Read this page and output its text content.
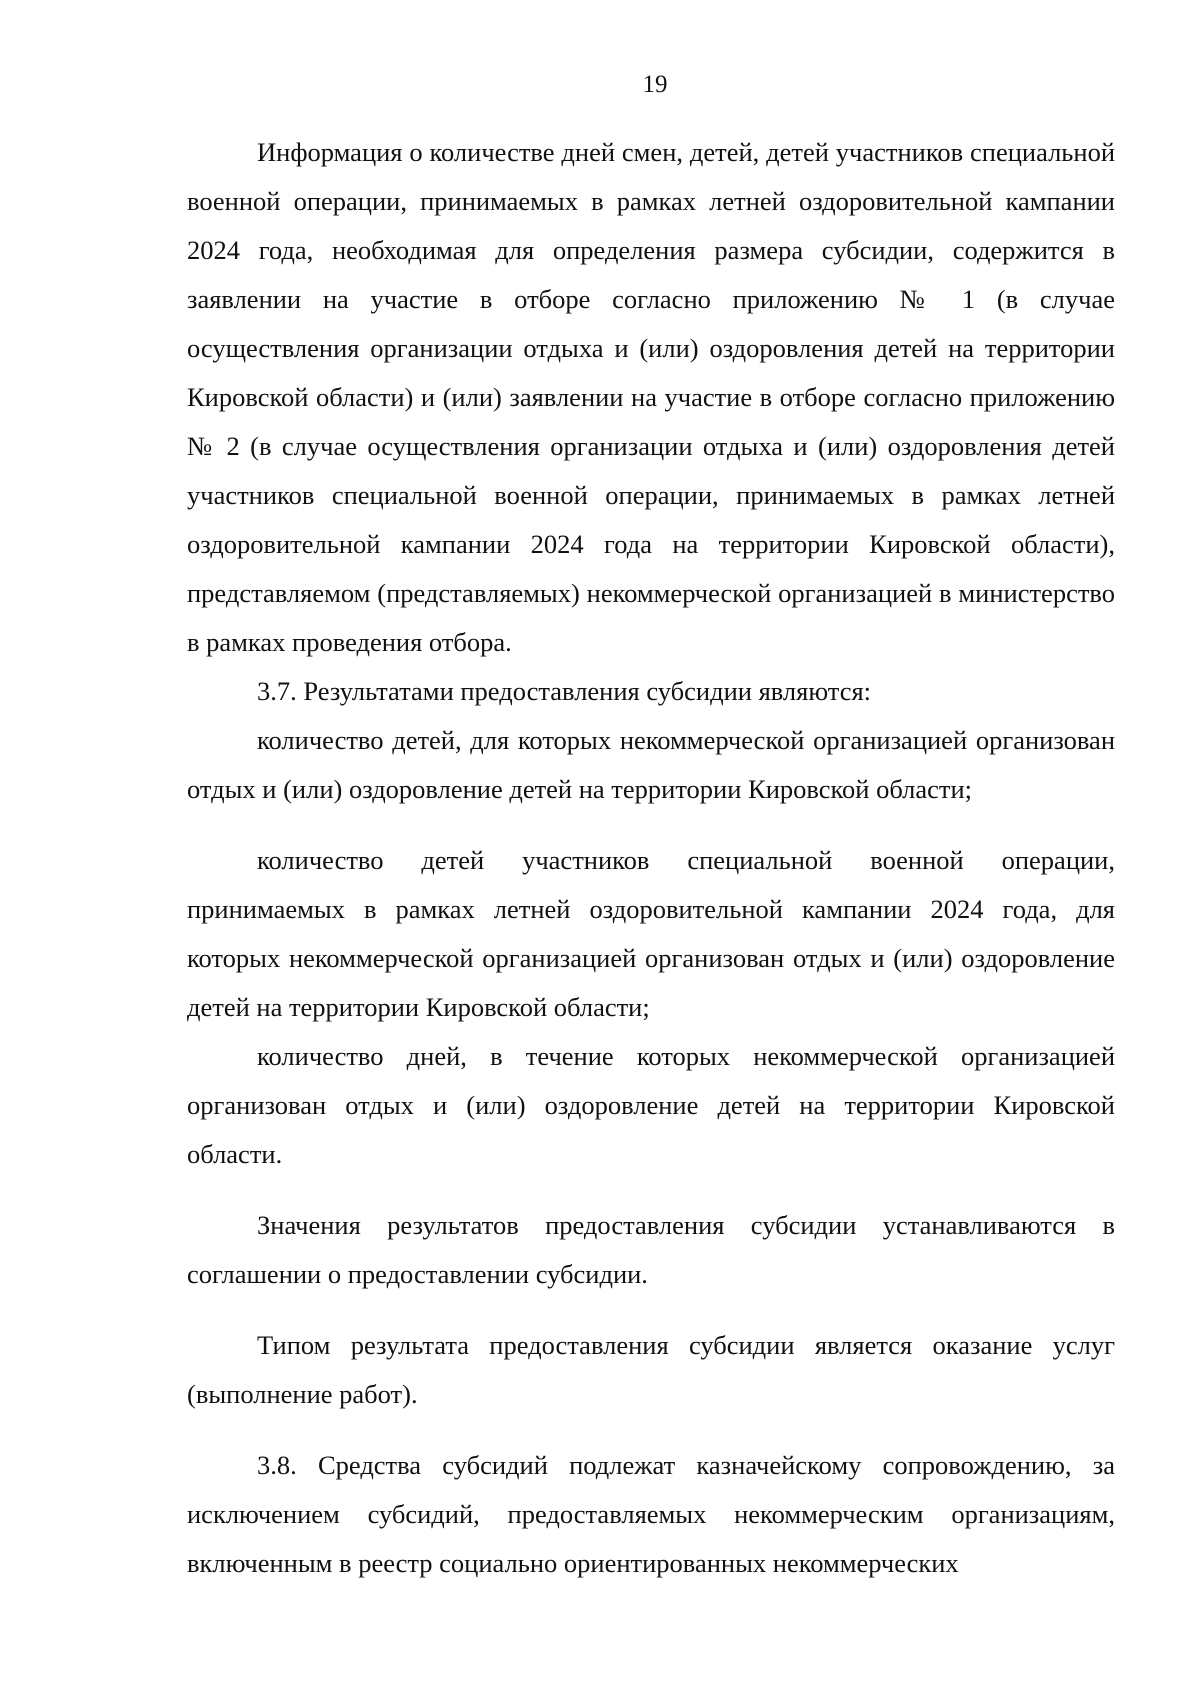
19

Информация о количестве дней смен, детей, детей участников специальной военной операции, принимаемых в рамках летней оздоровительной кампании 2024 года, необходимая для определения размера субсидии, содержится в заявлении на участие в отборе согласно приложению № 1 (в случае осуществления организации отдыха и (или) оздоровления детей на территории Кировской области) и (или) заявлении на участие в отборе согласно приложению № 2 (в случае осуществления организации отдыха и (или) оздоровления детей участников специальной военной операции, принимаемых в рамках летней оздоровительной кампании 2024 года на территории Кировской области), представляемом (представляемых) некоммерческой организацией в министерство в рамках проведения отбора.

3.7. Результатами предоставления субсидии являются:

количество детей, для которых некоммерческой организацией организован отдых и (или) оздоровление детей на территории Кировской области;

количество детей участников специальной военной операции, принимаемых в рамках летней оздоровительной кампании 2024 года, для которых некоммерческой организацией организован отдых и (или) оздоровление детей на территории Кировской области;

количество дней, в течение которых некоммерческой организацией организован отдых и (или) оздоровление детей на территории Кировской области.

Значения результатов предоставления субсидии устанавливаются в соглашении о предоставлении субсидии.

Типом результата предоставления субсидии является оказание услуг (выполнение работ).

3.8. Средства субсидий подлежат казначейскому сопровождению, за исключением субсидий, предоставляемых некоммерческим организациям, включенным в реестр социально ориентированных некоммерческих
